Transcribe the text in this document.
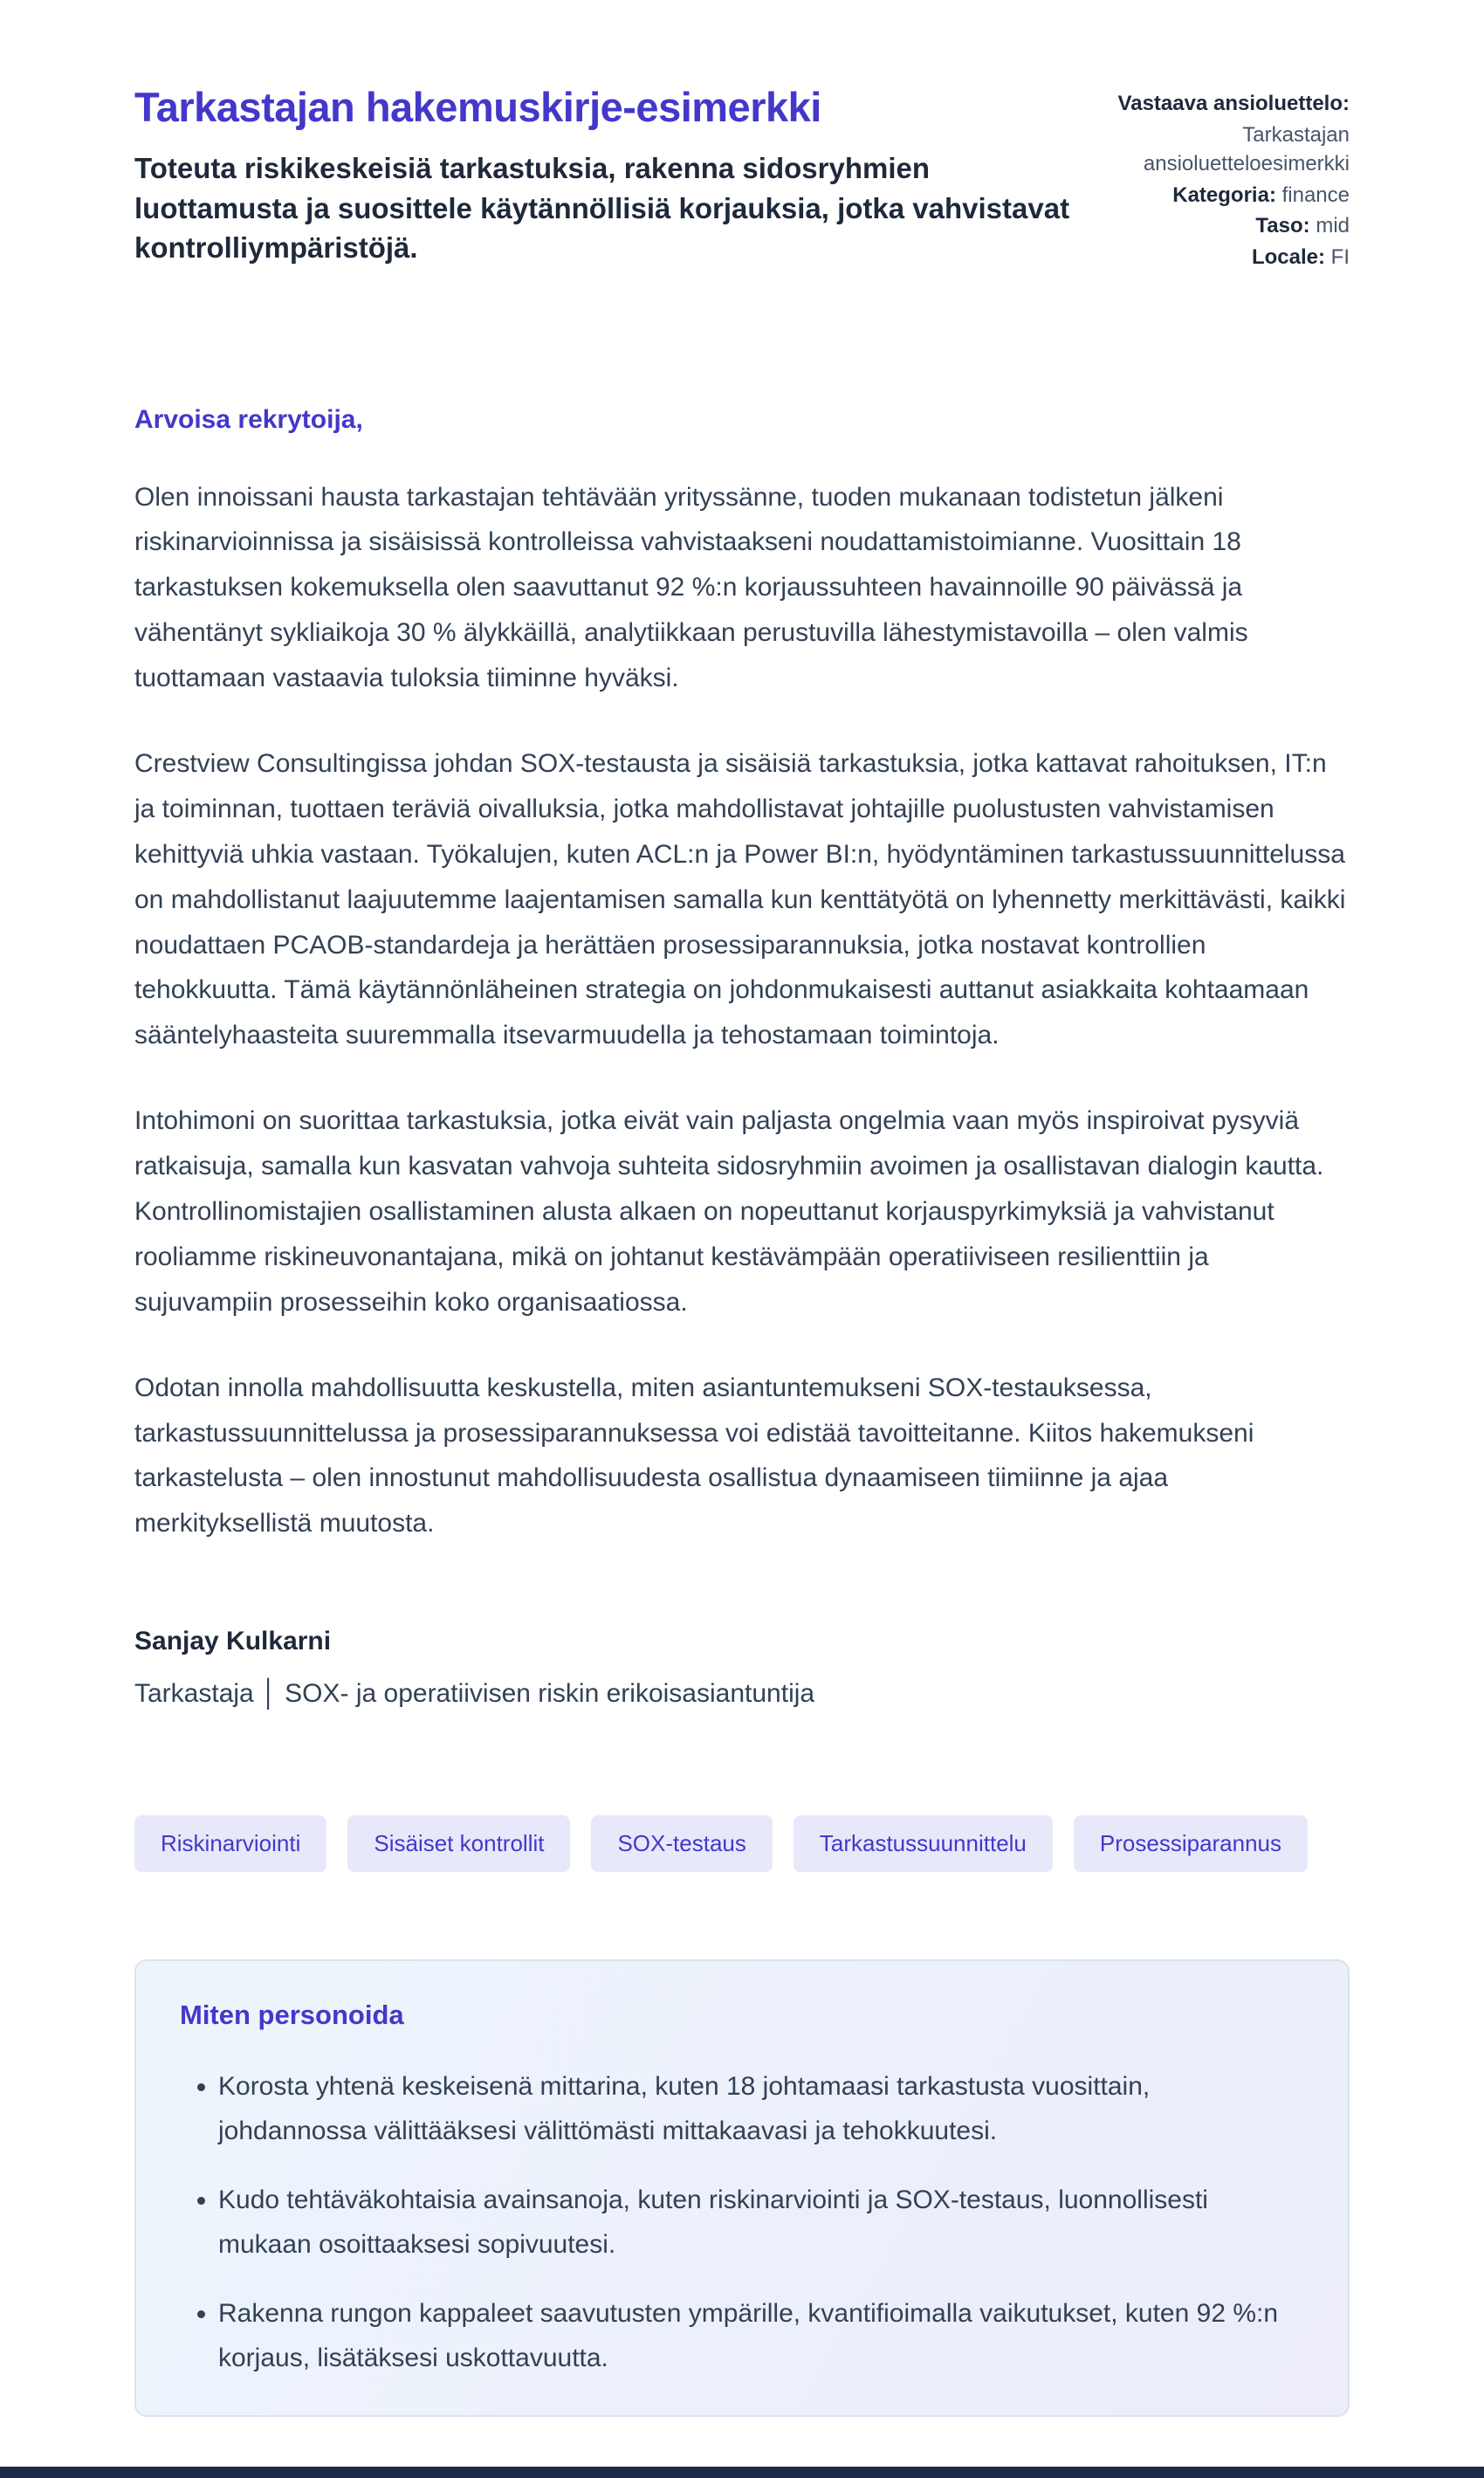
Tarkastajan hakemuskirje-esimerkki

Toteuta riskikeskeisiä tarkastuksia, rakenna sidosryhmien luottamusta ja suosittele käytännöllisiä korjauksia, jotka vahvistavat kontrolliympäristöjä.

Vastaava ansioluettelo:
Tarkastajan ansioluetteloesimerkki
Kategoria: finance
Taso: mid
Locale: FI
Arvoisa rekrytoija,

Olen innoissani hausta tarkastajan tehtävään yrityssänne, tuoden mukanaan todistetun jälkeni riskinarvioinnissa ja sisäisissä kontrolleissa vahvistaakseni noudattamistoimianne. Vuosittain 18 tarkastuksen kokemuksella olen saavuttanut 92 %:n korjaussuhteen havainnoille 90 päivässä ja vähentänyt sykliaikoja 30 % älykkäillä, analytiikkaan perustuvilla lähestymistavoilla – olen valmis tuottamaan vastaavia tuloksia tiiminne hyväksi.

Crestview Consultingissa johdan SOX-testausta ja sisäisiä tarkastuksia, jotka kattavat rahoituksen, IT:n ja toiminnan, tuottaen teräviä oivalluksia, jotka mahdollistavat johtajille puolustusten vahvistamisen kehittyviä uhkia vastaan. Työkalujen, kuten ACL:n ja Power BI:n, hyödyntäminen tarkastussuunnittelussa on mahdollistanut laajuutemme laajentamisen samalla kun kenttätyötä on lyhennetty merkittävästi, kaikki noudattaen PCAOB-standardeja ja herättäen prosessiparannuksia, jotka nostavat kontrollien tehokkuutta. Tämä käytännönläheinen strategia on johdonmukaisesti auttanut asiakkaita kohtaamaan sääntelyhaasteita suuremmalla itsevarmuudella ja tehostamaan toimintoja.

Intohimoni on suorittaa tarkastuksia, jotka eivät vain paljasta ongelmia vaan myös inspiroivat pysyviä ratkaisuja, samalla kun kasvatan vahvoja suhteita sidosryhmiin avoimen ja osallistavan dialogin kautta. Kontrollinomistajien osallistaminen alusta alkaen on nopeuttanut korjauspyrkimyksiä ja vahvistanut rooliamme riskineuvonantajana, mikä on johtanut kestävämpään operatiiviseen resilienttiin ja sujuvampiin prosesseihin koko organisaatiossa.

Odotan innolla mahdollisuutta keskustella, miten asiantuntemukseni SOX-testauksessa, tarkastussuunnittelussa ja prosessiparannuksessa voi edistää tavoitteitanne. Kiitos hakemukseni tarkastelusta – olen innostunut mahdollisuudesta osallistua dynaamiseen tiimiinne ja ajaa merkityksellistä muutosta.

Sanjay Kulkarni
Tarkastaja │ SOX- ja operatiivisen riskin erikoisasiantuntija
Riskinarviointi	Sisäiset kontrollit	SOX-testaus	Tarkastussuunnittelu	Prosessiparannus
Miten personoida
• Korosta yhtenä keskeisenä mittarina, kuten 18 johtamaasi tarkastusta vuosittain, johdannossa välittääksesi välittömästi mittakaavasi ja tehokkuutesi.
• Kudo tehtäväkohtaisia avainsanoja, kuten riskinarviointi ja SOX-testaus, luonnollisesti mukaan osoittaaksesi sopivuutesi.
• Rakenna rungon kappaleet saavutusten ympärille, kvantifioimalla vaikutukset, kuten 92 %:n korjaus, lisätäksesi uskottavuutta.
